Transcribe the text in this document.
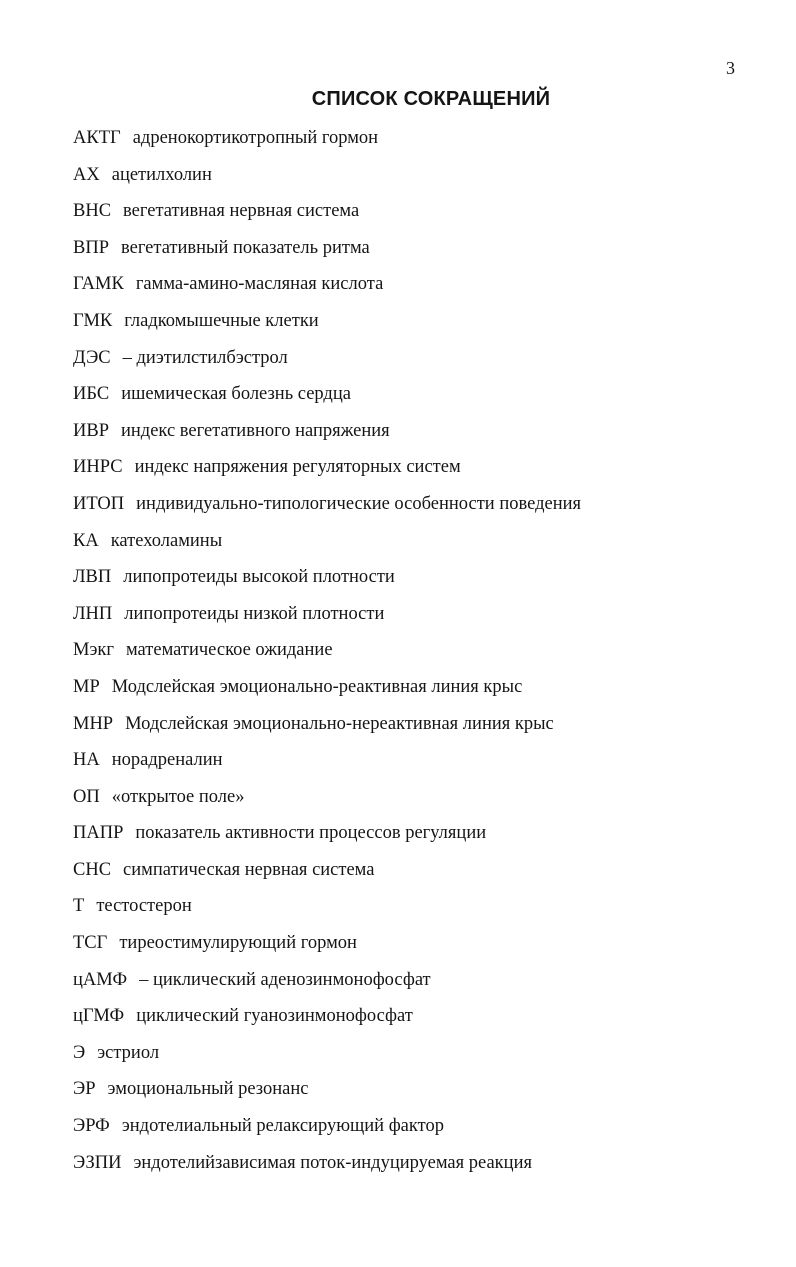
3
СПИСОК СОКРАЩЕНИЙ
АКТГ адренокортикотропный гормон
АХ ацетилхолин
ВНС вегетативная нервная система
ВПР вегетативный показатель ритма
ГАМК гамма-амино-масляная кислота
ГМК гладкомышечные клетки
ДЭС – диэтилстилбэстрол
ИБС ишемическая болезнь сердца
ИВР индекс вегетативного напряжения
ИНРС индекс напряжения регуляторных систем
ИТОП индивидуально-типологические особенности поведения
КА катехоламины
ЛВП липопротеиды высокой плотности
ЛНП липопротеиды низкой плотности
Мэкг математическое ожидание
МР Модслейская эмоционально-реактивная линия крыс
МНР Модслейская эмоционально-нереактивная линия крыс
НА норадреналин
ОП «открытое поле»
ПАПР показатель активности процессов регуляции
СНС симпатическая нервная система
Т тестостерон
ТСГ тиреостимулирующий гормон
цАМФ – циклический аденозинмонофосфат
цГМФ циклический гуанозинмонофосфат
Э эстриол
ЭР эмоциональный резонанс
ЭРФ эндотелиальный релаксирующий фактор
ЭЗПИ эндотелийзависимая поток-индуцируемая реакция
